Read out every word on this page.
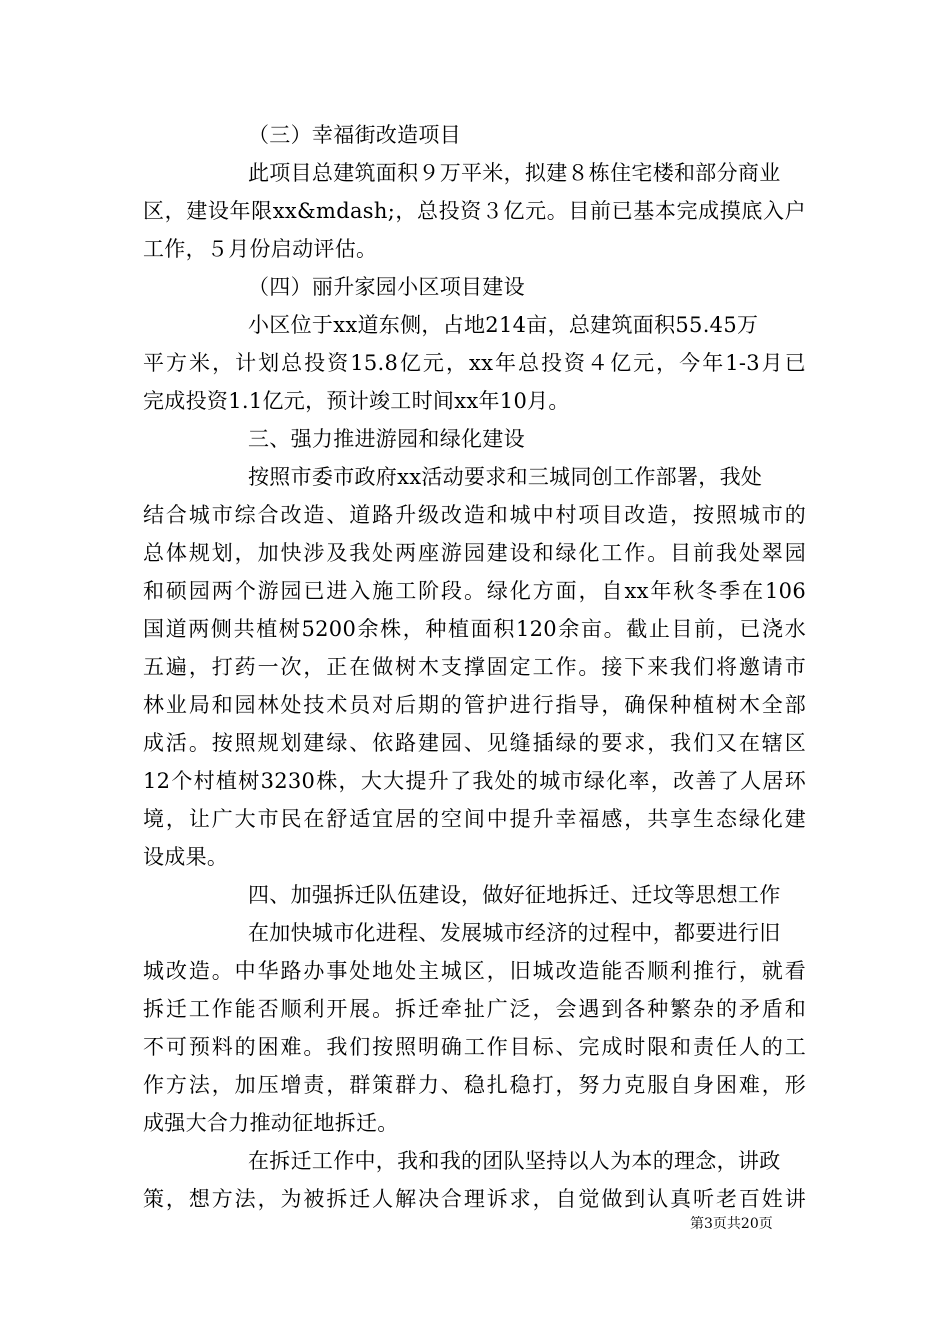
（三）幸福街改造项目
此项目总建筑面积９万平米，拟建８栋住宅楼和部分商业
区，建设年限xx&mdash;，总投资３亿元。目前已基本完成摸底入户
工作，５月份启动评估。
（四）丽升家园小区项目建设
小区位于xx道东侧，占地214亩，总建筑面积55.45万
平方米，计划总投资15.8亿元，xx年总投资４亿元，今年1-3月已
完成投资1.1亿元，预计竣工时间xx年10月。
三、强力推进游园和绿化建设
按照市委市政府xx活动要求和三城同创工作部署，我处
结合城市综合改造、道路升级改造和城中村项目改造，按照城市的
总体规划，加快涉及我处两座游园建设和绿化工作。目前我处翠园
和硕园两个游园已进入施工阶段。绿化方面，自xx年秋冬季在106
国道两侧共植树5200余株，种植面积120余亩。截止目前，已浇水
五遍，打药一次，正在做树木支撑固定工作。接下来我们将邀请市
林业局和园林处技术员对后期的管护进行指导，确保种植树木全部
成活。按照规划建绿、依路建园、见缝插绿的要求，我们又在辖区
12个村植树3230株，大大提升了我处的城市绿化率，改善了人居环
境，让广大市民在舒适宜居的空间中提升幸福感，共享生态绿化建
设成果。
四、加强拆迁队伍建设，做好征地拆迁、迁坟等思想工作
在加快城市化进程、发展城市经济的过程中，都要进行旧
城改造。中华路办事处地处主城区，旧城改造能否顺利推行，就看
拆迁工作能否顺利开展。拆迁牵扯广泛，会遇到各种繁杂的矛盾和
不可预料的困难。我们按照明确工作目标、完成时限和责任人的工
作方法，加压增责，群策群力、稳扎稳打，努力克服自身困难，形
成强大合力推动征地拆迁。
在拆迁工作中，我和我的团队坚持以人为本的理念，讲政
策，想方法，为被拆迁人解决合理诉求，自觉做到认真听老百姓讲
第3页共20页
